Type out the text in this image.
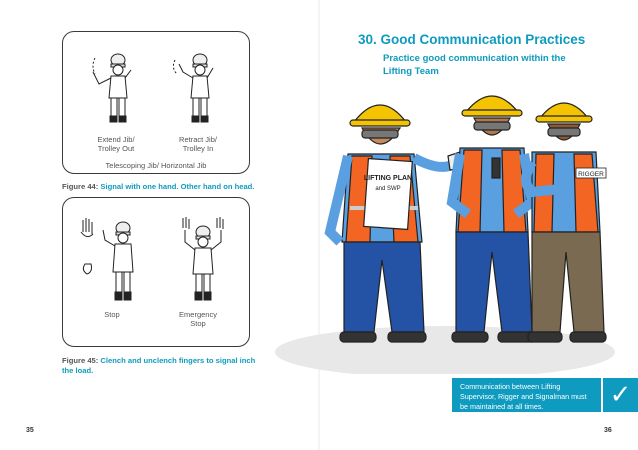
Extend Jib/
Trolley Out
Retract Jib/
Trolley In
Telescoping Jib/ Horizontal Jib
Figure 44: Signal with one hand. Other hand on head.
Stop	Emergency
Stop
Figure 45: Clench and unclench fingers to signal inch the load.
35
30. Good Communication Practices
Practice good communication within the Lifting Team
LIFTING PLAN
and SWP
RIGGER
Communication between Lifting Supervisor, Rigger and Signalman must be maintained at all times.	✓
36
